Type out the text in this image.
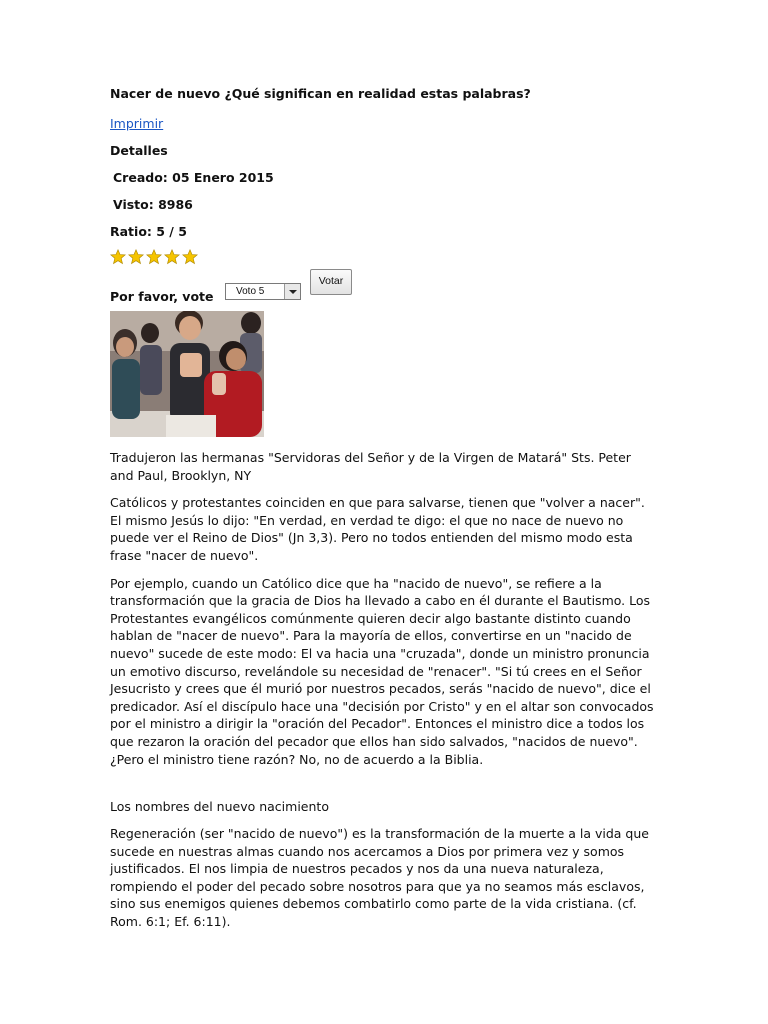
Nacer de nuevo ¿Qué significan en realidad estas palabras?
Imprimir
Detalles
Creado: 05 Enero 2015
Visto: 8986
Ratio: 5 / 5
Por favor, vote Voto 5
Votar

Tradujeron las hermanas "Servidoras del Señor y de la Virgen de Matará" Sts. Peter and Paul, Brooklyn, NY

Católicos y protestantes coinciden en que para salvarse, tienen que "volver a nacer". El mismo Jesús lo dijo: "En verdad, en verdad te digo: el que no nace de nuevo no puede ver el Reino de Dios" (Jn 3,3). Pero no todos entienden del mismo modo esta frase "nacer de nuevo".

Por ejemplo, cuando un Católico dice que ha "nacido de nuevo", se refiere a la transformación que la gracia de Dios ha llevado a cabo en él durante el Bautismo. Los Protestantes evangélicos comúnmente quieren decir algo bastante distinto cuando hablan de "nacer de nuevo". Para la mayoría de ellos, convertirse en un "nacido de nuevo" sucede de este modo: El va hacia una "cruzada", donde un ministro pronuncia un emotivo discurso, revelándole su necesidad de "renacer". "Si tú crees en el Señor Jesucristo y crees que él murió por nuestros pecados, serás "nacido de nuevo", dice el predicador. Así el discípulo hace una "decisión por Cristo" y en el altar son convocados por el ministro a dirigir la "oración del Pecador". Entonces el ministro dice a todos los que rezaron la oración del pecador que ellos han sido salvados, "nacidos de nuevo". ¿Pero el ministro tiene razón? No, no de acuerdo a la Biblia.

Los nombres del nuevo nacimiento

Regeneración (ser "nacido de nuevo") es la transformación de la muerte a la vida que sucede en nuestras almas cuando nos acercamos a Dios por primera vez y somos justificados. El nos limpia de nuestros pecados y nos da una nueva naturaleza, rompiendo el poder del pecado sobre nosotros para que ya no seamos más esclavos, sino sus enemigos quienes debemos combatirlo como parte de la vida cristiana. (cf. Rom. 6:1; Ef. 6:11).
